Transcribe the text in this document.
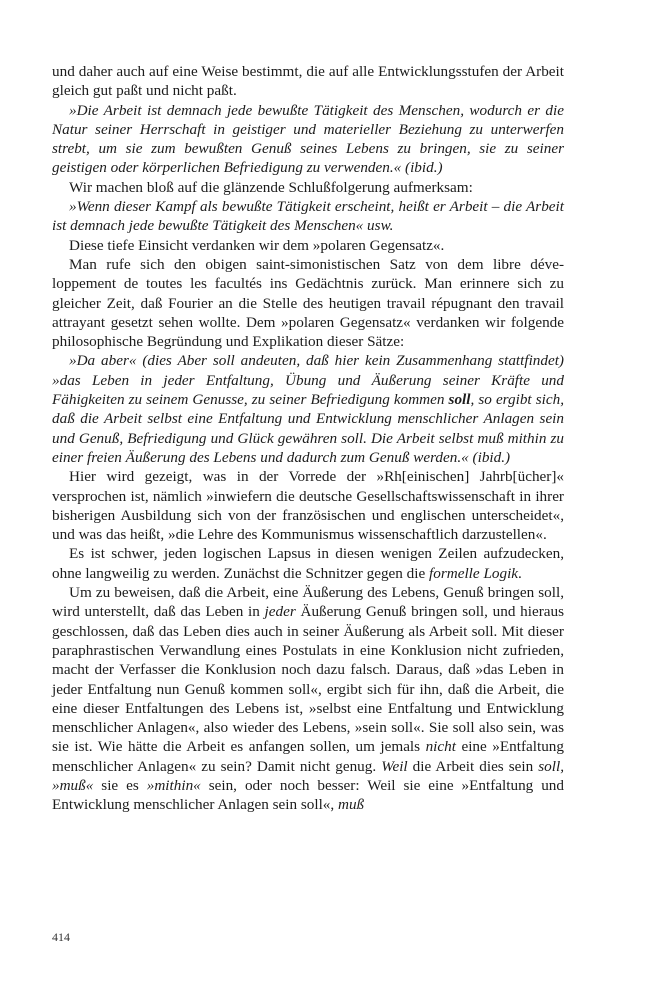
und daher auch auf eine Weise bestimmt, die auf alle Entwicklungsstufen der Arbeit gleich gut paßt und nicht paßt.

»Die Arbeit ist demnach jede bewußte Tätigkeit des Menschen, wodurch er die Natur seiner Herrschaft in geistiger und materieller Beziehung zu unterwerfen strebt, um sie zum bewußten Genuß seines Lebens zu bringen, sie zu seiner geistigen oder körperlichen Befriedigung zu verwenden.« (ibid.)

Wir machen bloß auf die glänzende Schlußfolgerung aufmerksam:

»Wenn dieser Kampf als bewußte Tätigkeit erscheint, heißt er Arbeit – die Arbeit ist demnach jede bewußte Tätigkeit des Menschen« usw.

Diese tiefe Einsicht verdanken wir dem »polaren Gegensatz«.

Man rufe sich den obigen saint-simonistischen Satz von dem libre développement de toutes les facultés ins Gedächtnis zurück. Man erinnere sich zu gleicher Zeit, daß Fourier an die Stelle des heutigen travail répugnant den travail attrayant gesetzt sehen wollte. Dem »polaren Gegensatz« verdanken wir folgende philosophische Begründung und Explikation dieser Sätze:

»Da aber« (dies Aber soll andeuten, daß hier kein Zusammenhang stattfindet) »das Leben in jeder Entfaltung, Übung und Äußerung seiner Kräfte und Fähigkeiten zu seinem Genusse, zu seiner Befriedigung kommen soll, so ergibt sich, daß die Arbeit selbst eine Entfaltung und Entwicklung menschlicher Anlagen sein und Genuß, Befriedigung und Glück gewähren soll. Die Arbeit selbst muß mithin zu einer freien Äußerung des Lebens und dadurch zum Genuß werden.« (ibid.)

Hier wird gezeigt, was in der Vorrede der »Rh[einischen] Jahrb[ücher]« versprochen ist, nämlich »inwiefern die deutsche Gesellschaftswissenschaft in ihrer bisherigen Ausbildung sich von der französischen und englischen unterscheidet«, und was das heißt, »die Lehre des Kommunismus wissenschaftlich darzustellen«.

Es ist schwer, jeden logischen Lapsus in diesen wenigen Zeilen aufzudecken, ohne langweilig zu werden. Zunächst die Schnitzer gegen die formelle Logik.

Um zu beweisen, daß die Arbeit, eine Äußerung des Lebens, Genuß bringen soll, wird unterstellt, daß das Leben in jeder Äußerung Genuß bringen soll, und hieraus geschlossen, daß das Leben dies auch in seiner Äußerung als Arbeit soll. Mit dieser paraphrastischen Verwandlung eines Postulats in eine Konklusion nicht zufrieden, macht der Verfasser die Konklusion noch dazu falsch. Daraus, daß »das Leben in jeder Entfaltung nun Genuß kommen soll«, ergibt sich für ihn, daß die Arbeit, die eine dieser Entfaltungen des Lebens ist, »selbst eine Entfaltung und Entwicklung menschlicher Anlagen«, also wieder des Lebens, »sein soll«. Sie soll also sein, was sie ist. Wie hätte die Arbeit es anfangen sollen, um jemals nicht eine »Entfaltung menschlicher Anlagen« zu sein? Damit nicht genug. Weil die Arbeit dies sein soll, »muß« sie es »mithin« sein, oder noch besser: Weil sie eine »Entfaltung und Entwicklung menschlicher Anlagen sein soll«, muß

414
